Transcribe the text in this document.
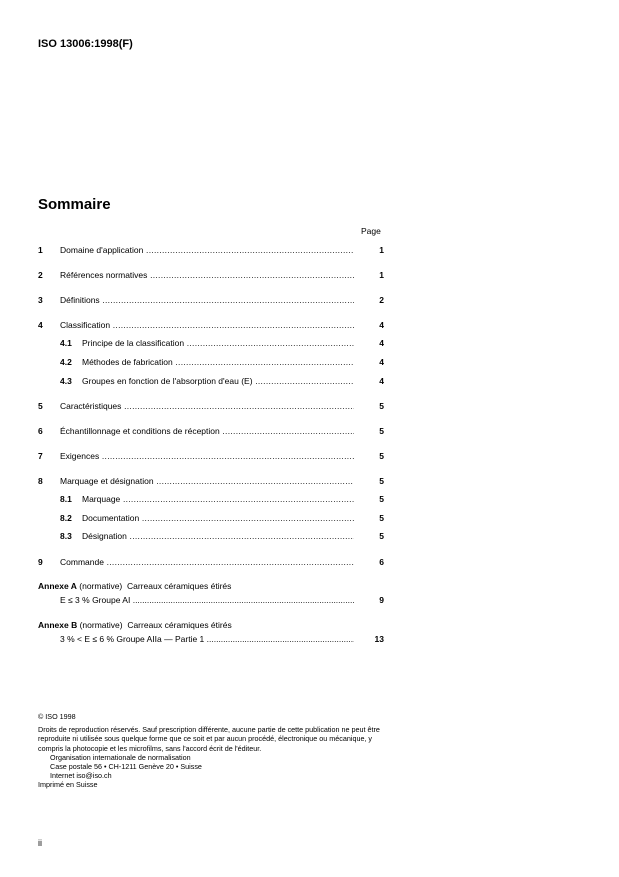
ISO 13006:1998(F)
Sommaire
Page
1 Domaine d'application .....	1
2 Références normatives .....	1
3 Définitions .....	2
4 Classification .....	4
4.1 Principe de la classification .....	4
4.2 Méthodes de fabrication .....	4
4.3 Groupes en fonction de l'absorption d'eau (E) .....	4
5 Caractéristiques .....	5
6 Échantillonnage et conditions de réception .....	5
7 Exigences .....	5
8 Marquage et désignation .....	5
8.1 Marquage .....	5
8.2 Documentation .....	5
8.3 Désignation .....	5
9 Commande .....	6
Annexe A (normative) Carreaux céramiques étirés
E ≤ 3 % Groupe AI .....	9
Annexe B (normative) Carreaux céramiques étirés
3 % < E ≤ 6 % Groupe AIIa — Partie 1 .....	13
© ISO 1998
Droits de reproduction réservés. Sauf prescription différente, aucune partie de cette publication ne peut être reproduite ni utilisée sous quelque forme que ce soit et par aucun procédé, électronique ou mécanique, y compris la photocopie et les microfilms, sans l'accord écrit de l'éditeur.
Organisation internationale de normalisation
Case postale 56 • CH-1211 Genève 20 • Suisse
Internet iso@iso.ch
Imprimé en Suisse
ii
